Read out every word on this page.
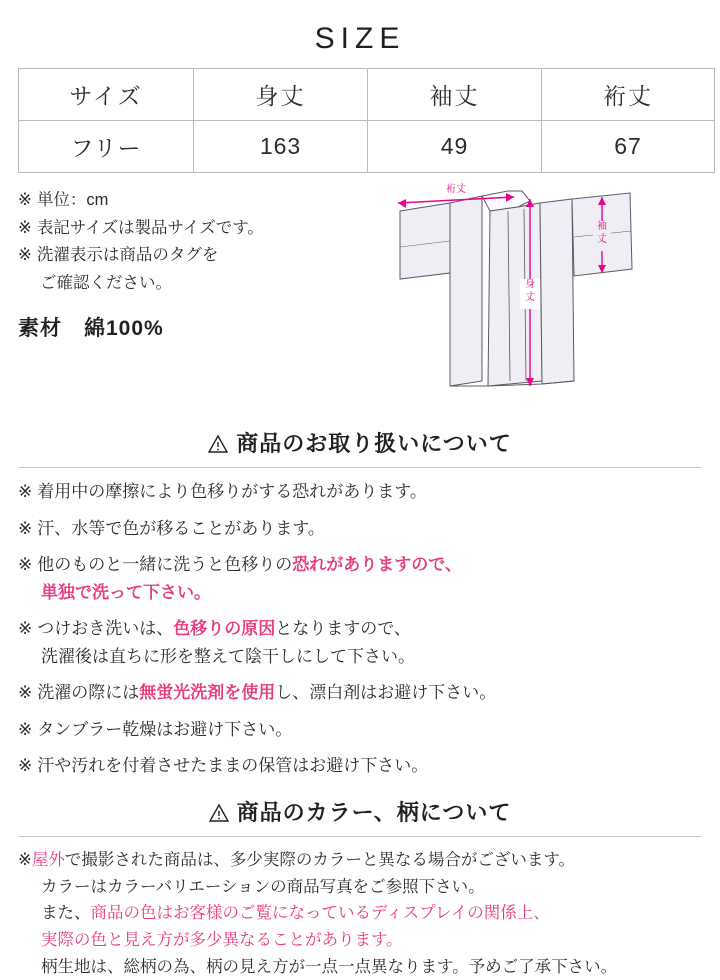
SIZE
サイズ	身丈	袖丈	裄丈
フリー	163	49	67
※ 単位：cm
※ 表記サイズは製品サイズです。
※ 洗濯表示は商品のタグを
ご確認ください。
素材 綿100%
裄丈
身
丈
袖
丈
商品のお取り扱いについて
※ 着用中の摩擦により色移りがする恐れがあります。
※ 汗、水等で色が移ることがあります。
※ 他のものと一緒に洗うと色移りの恐れがありますので、
単独で洗って下さい。
※ つけおき洗いは、色移りの原因となりますので、
洗濯後は直ちに形を整えて陰干しにして下さい。
※ 洗濯の際には無蛍光洗剤を使用し、漂白剤はお避け下さい。
※ タンブラー乾燥はお避け下さい。
※ 汗や汚れを付着させたままの保管はお避け下さい。
商品のカラー、柄について
※屋外で撮影された商品は、多少実際のカラーと異なる場合がございます。
カラーはカラーバリエーションの商品写真をご参照下さい。
また、商品の色はお客様のご覧になっているディスプレイの関係上、
実際の色と見え方が多少異なることがあります。
柄生地は、総柄の為、柄の見え方が一点一点異なります。予めご了承下さい。
